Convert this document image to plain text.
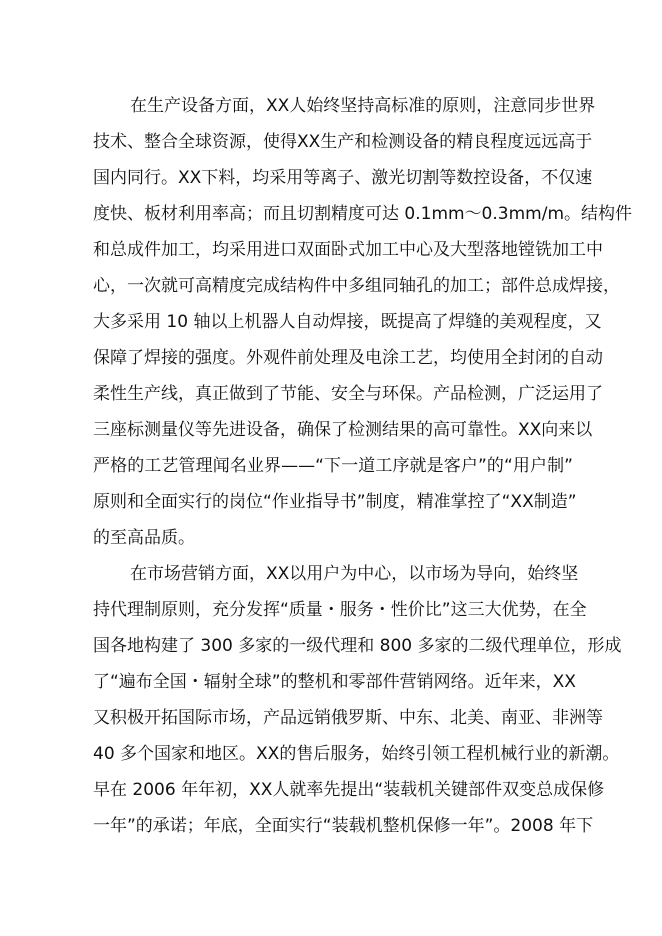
在生产设备方面，XX人始终坚持高标准的原则，注意同步世界
技术、整合全球资源，使得XX生产和检测设备的精良程度远远高于
国内同行。XX下料，均采用等离子、激光切割等数控设备，不仅速
度快、板材利用率高；而且切割精度可达 0.1mm～0.3mm/m。结构件
和总成件加工，均采用进口双面卧式加工中心及大型落地镗铣加工中
心，一次就可高精度完成结构件中多组同轴孔的加工；部件总成焊接，
大多采用 10 轴以上机器人自动焊接，既提高了焊缝的美观程度，又
保障了焊接的强度。外观件前处理及电涂工艺，均使用全封闭的自动
柔性生产线，真正做到了节能、安全与环保。产品检测，广泛运用了
三座标测量仪等先进设备，确保了检测结果的高可靠性。XX向来以
严格的工艺管理闻名业界——“下一道工序就是客户”的“用户制”
原则和全面实行的岗位“作业指导书”制度，精准掌控了“XX制造”
的至高品质。
在市场营销方面，XX以用户为中心，以市场为导向，始终坚
持代理制原则，充分发挥“质量・服务・性价比”这三大优势，在全
国各地构建了 300 多家的一级代理和 800 多家的二级代理单位，形成
了“遍布全国・辐射全球”的整机和零部件营销网络。近年来，XX
又积极开拓国际市场，产品远销俄罗斯、中东、北美、南亚、非洲等
40 多个国家和地区。XX的售后服务，始终引领工程机械行业的新潮。
早在 2006 年年初，XX人就率先提出“装载机关键部件双变总成保修
一年”的承诺；年底，全面实行“装载机整机保修一年”。2008 年下
